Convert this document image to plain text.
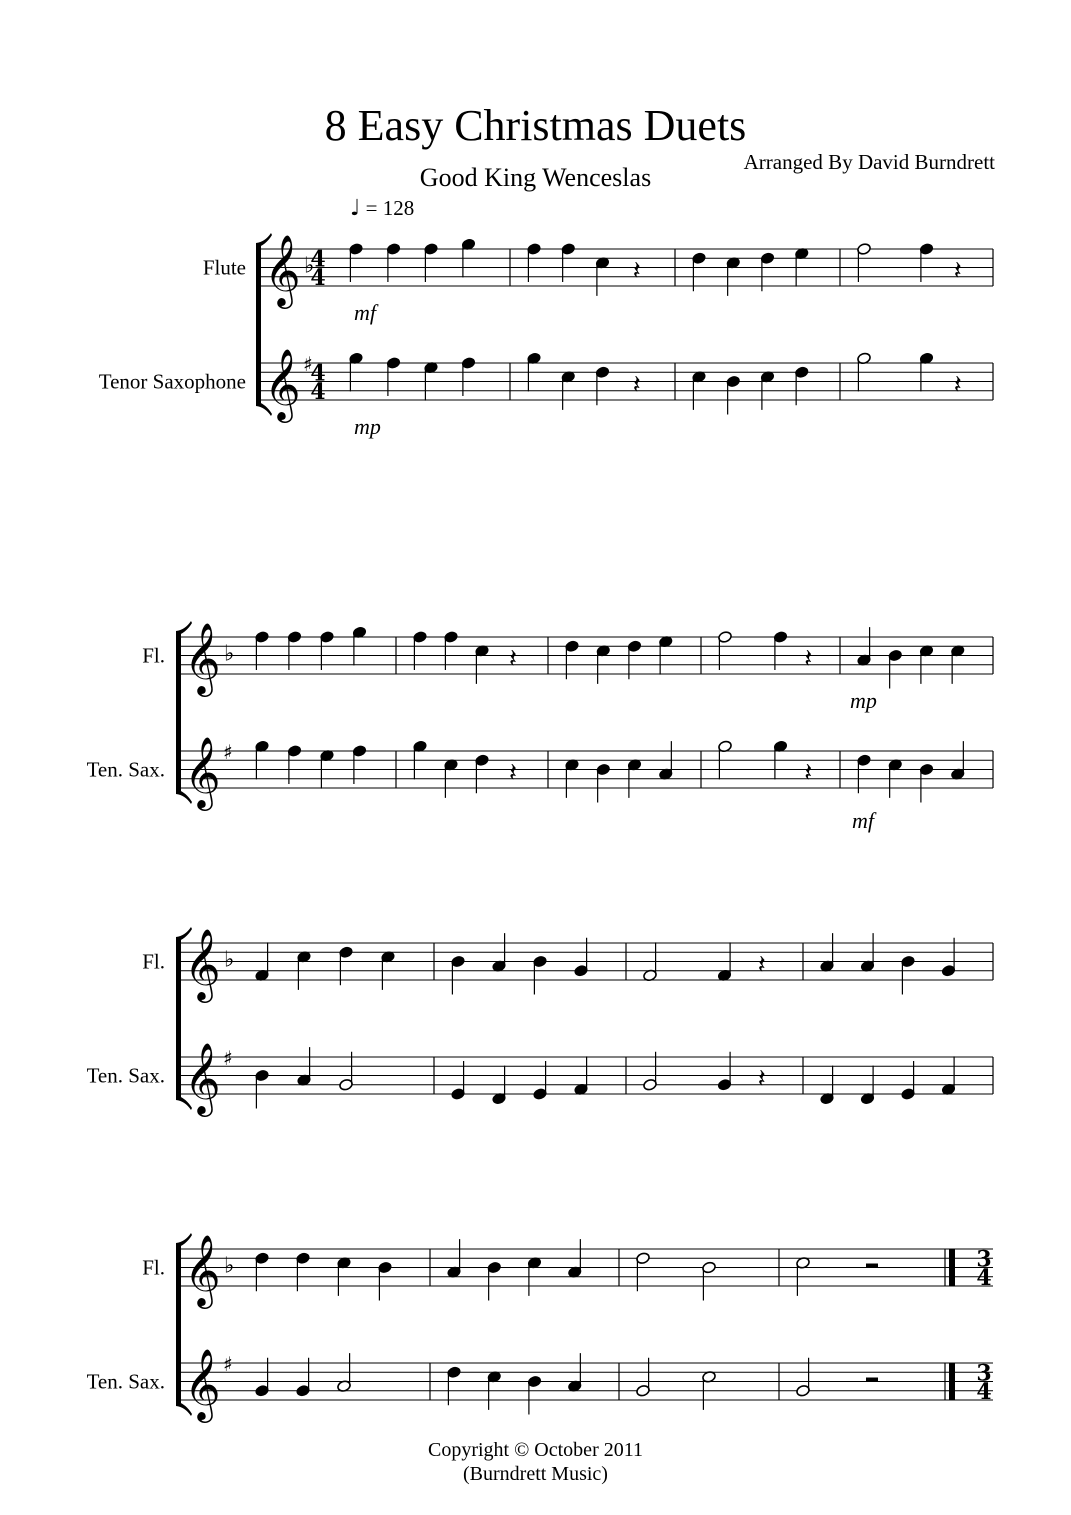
8 Easy Christmas Duets
Good King Wenceslas
Arranged By David Burndrett
♩ = 128
Flute 𝄞 ♭
4
4	𝄽	𝄽
mf
Tenor Saxophone 𝄞 ♯
4
4	𝄽	𝄽
mp
Fl. 𝄞 ♭	𝄽	𝄽
mp
Ten. Sax. 𝄞 ♯
𝄽	𝄽
mf
Fl. 𝄞 ♭	𝄽
Ten. Sax. 𝄞 ♯
𝄽
Fl. 𝄞 ♭	3
4
Ten. Sax. 𝄞 ♯	3
4
Copyright © October 2011
(Burndrett Music)
